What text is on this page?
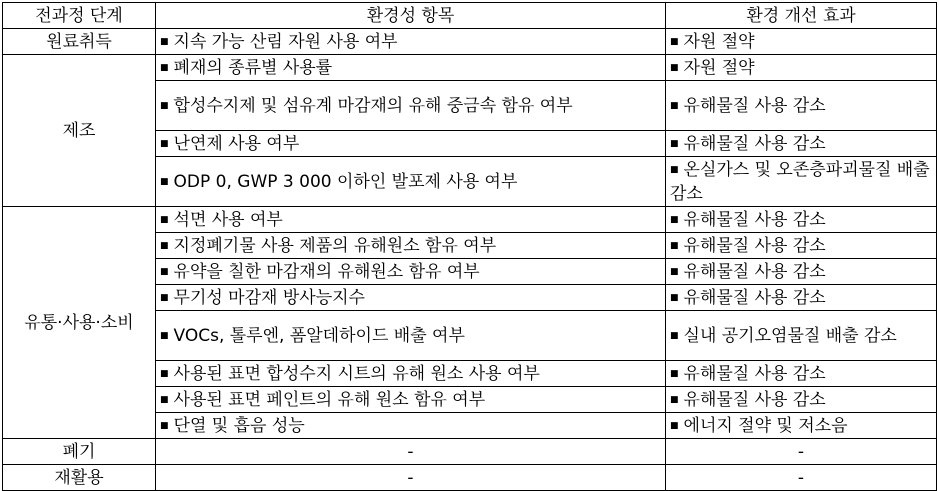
전과정 단계	환경성 항목	환경 개선 효과
원료취득	■ 지속 가능 산림 자원 사용 여부	■ 자원 절약
제조	■ 폐재의 종류별 사용률	■ 자원 절약
	■ 합성수지제 및 섬유계 마감재의 유해 중금속 함유 여부	■ 유해물질 사용 감소
	■ 난연제 사용 여부	■ 유해물질 사용 감소
	■ ODP 0, GWP 3 000 이하인 발포제 사용 여부	■ 온실가스 및 오존층파괴물질 배출 감소
유통·사용·소비	■ 석면 사용 여부	■ 유해물질 사용 감소
	■ 지정폐기물 사용 제품의 유해원소 함유 여부	■ 유해물질 사용 감소
	■ 유약을 칠한 마감재의 유해원소 함유 여부	■ 유해물질 사용 감소
	■ 무기성 마감재 방사능지수	■ 유해물질 사용 감소
	■ VOCs, 톨루엔, 폼알데하이드 배출 여부	■ 실내 공기오염물질 배출 감소
	■ 사용된 표면 합성수지 시트의 유해 원소 사용 여부	■ 유해물질 사용 감소
	■ 사용된 표면 페인트의 유해 원소 함유 여부	■ 유해물질 사용 감소
	■ 단열 및 흡음 성능	■ 에너지 절약 및 저소음
폐기	-	-
재활용	-	-
